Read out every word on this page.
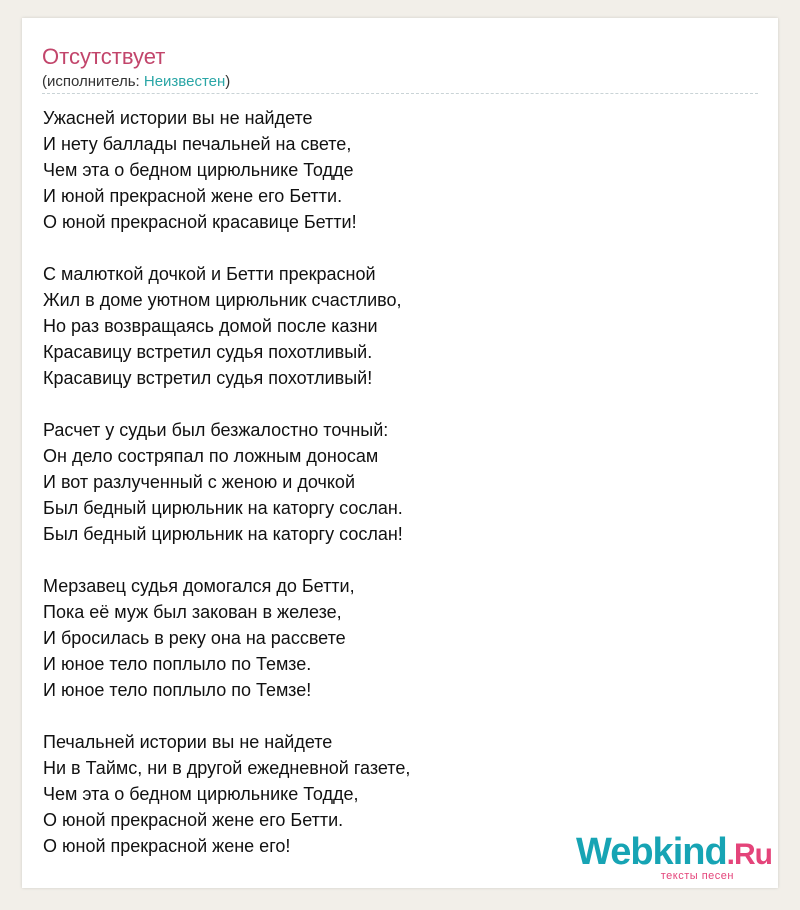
Отсутствует
(исполнитель: Неизвестен)
Ужасней истории вы не найдете
И нету баллады печальней на свете,
Чем эта о бедном цирюльнике Тодде
И юной прекрасной жене его Бетти.
О юной прекрасной красавице Бетти!
С малюткой дочкой и Бетти прекрасной
Жил в доме уютном цирюльник счастливо,
Но раз возвращаясь домой после казни
Красавицу встретил судья похотливый.
Красавицу встретил судья похотливый!
Расчет у судьи был безжалостно точный:
Он дело состряпал по ложным доносам
И вот разлученный с женою и дочкой
Был бедный цирюльник на каторгу сослан.
Был бедный цирюльник на каторгу сослан!
Мерзавец судья домогался до Бетти,
Пока её муж был закован в железе,
И бросилась в реку она на рассвете
И юное тело поплыло по Темзе.
И юное тело поплыло по Темзе!
Печальней истории вы не найдете
Ни в Таймс, ни в другой ежедневной газете,
Чем эта о бедном цирюльнике Тодде,
О юной прекрасной жене его Бетти.
О юной прекрасной жене его!	Webkind.Ru
тексты песен
